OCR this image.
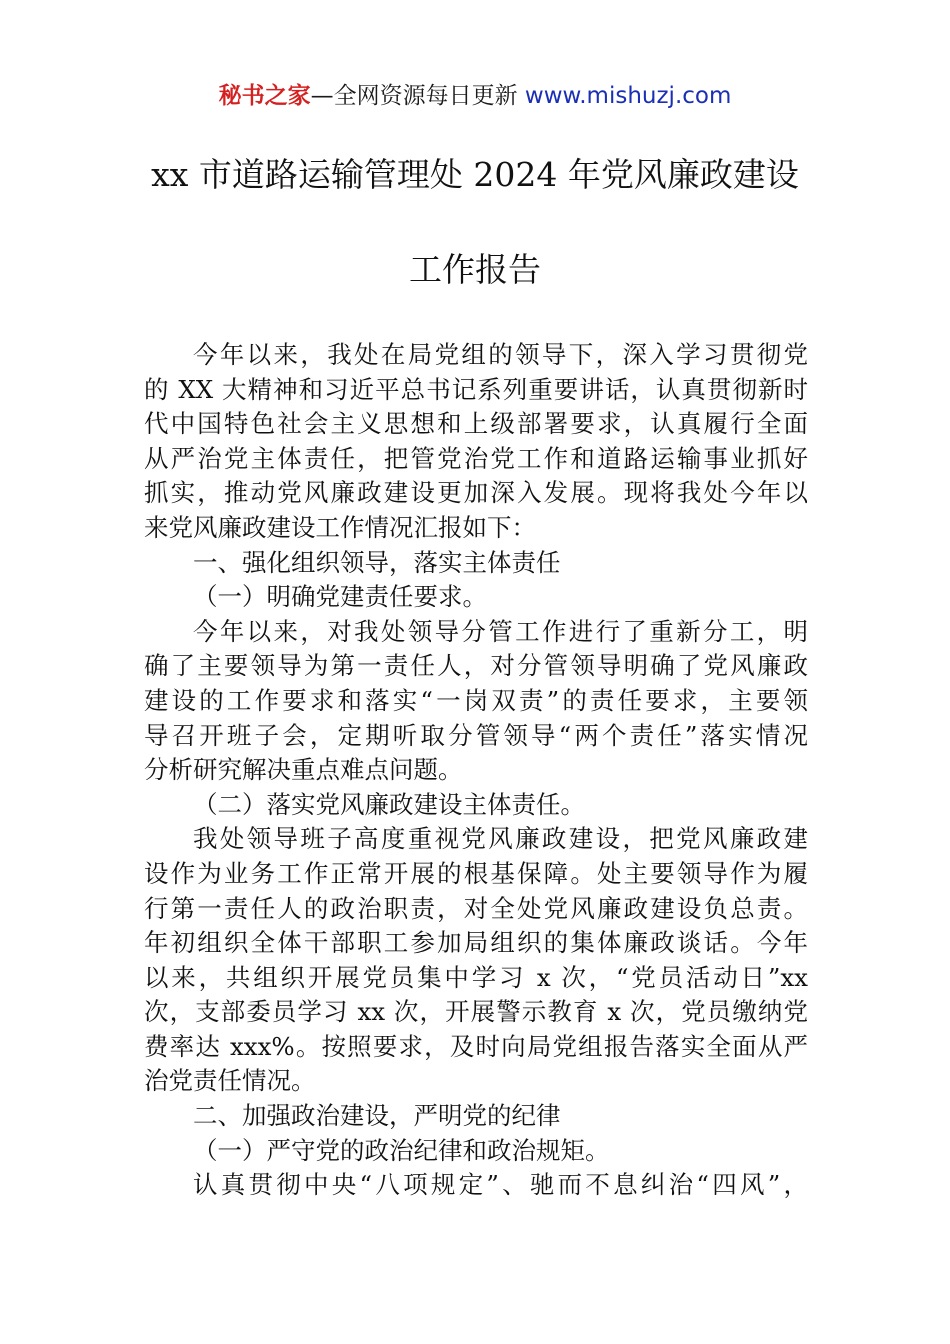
秘书之家—全网资源每日更新 www.mishuzj.com
xx 市道路运输管理处 2024 年党风廉政建设
工作报告
今年以来，我处在局党组的领导下，深入学习贯彻党
的 XX 大精神和习近平总书记系列重要讲话，认真贯彻新时
代中国特色社会主义思想和上级部署要求，认真履行全面
从严治党主体责任，把管党治党工作和道路运输事业抓好
抓实，推动党风廉政建设更加深入发展。现将我处今年以
来党风廉政建设工作情况汇报如下：
一、强化组织领导，落实主体责任
（一）明确党建责任要求。
今年以来，对我处领导分管工作进行了重新分工，明
确了主要领导为第一责任人，对分管领导明确了党风廉政
建设的工作要求和落实“一岗双责”的责任要求，主要领
导召开班子会，定期听取分管领导“两个责任”落实情况
分析研究解决重点难点问题。
（二）落实党风廉政建设主体责任。
我处领导班子高度重视党风廉政建设，把党风廉政建
设作为业务工作正常开展的根基保障。处主要领导作为履
行第一责任人的政治职责，对全处党风廉政建设负总责。
年初组织全体干部职工参加局组织的集体廉政谈话。今年
以来，共组织开展党员集中学习 x 次，“党员活动日”xx
次，支部委员学习 xx 次，开展警示教育 x 次，党员缴纳党
费率达 xxx%。按照要求，及时向局党组报告落实全面从严
治党责任情况。
二、加强政治建设，严明党的纪律
（一）严守党的政治纪律和政治规矩。
认真贯彻中央“八项规定”、驰而不息纠治“四风”，
